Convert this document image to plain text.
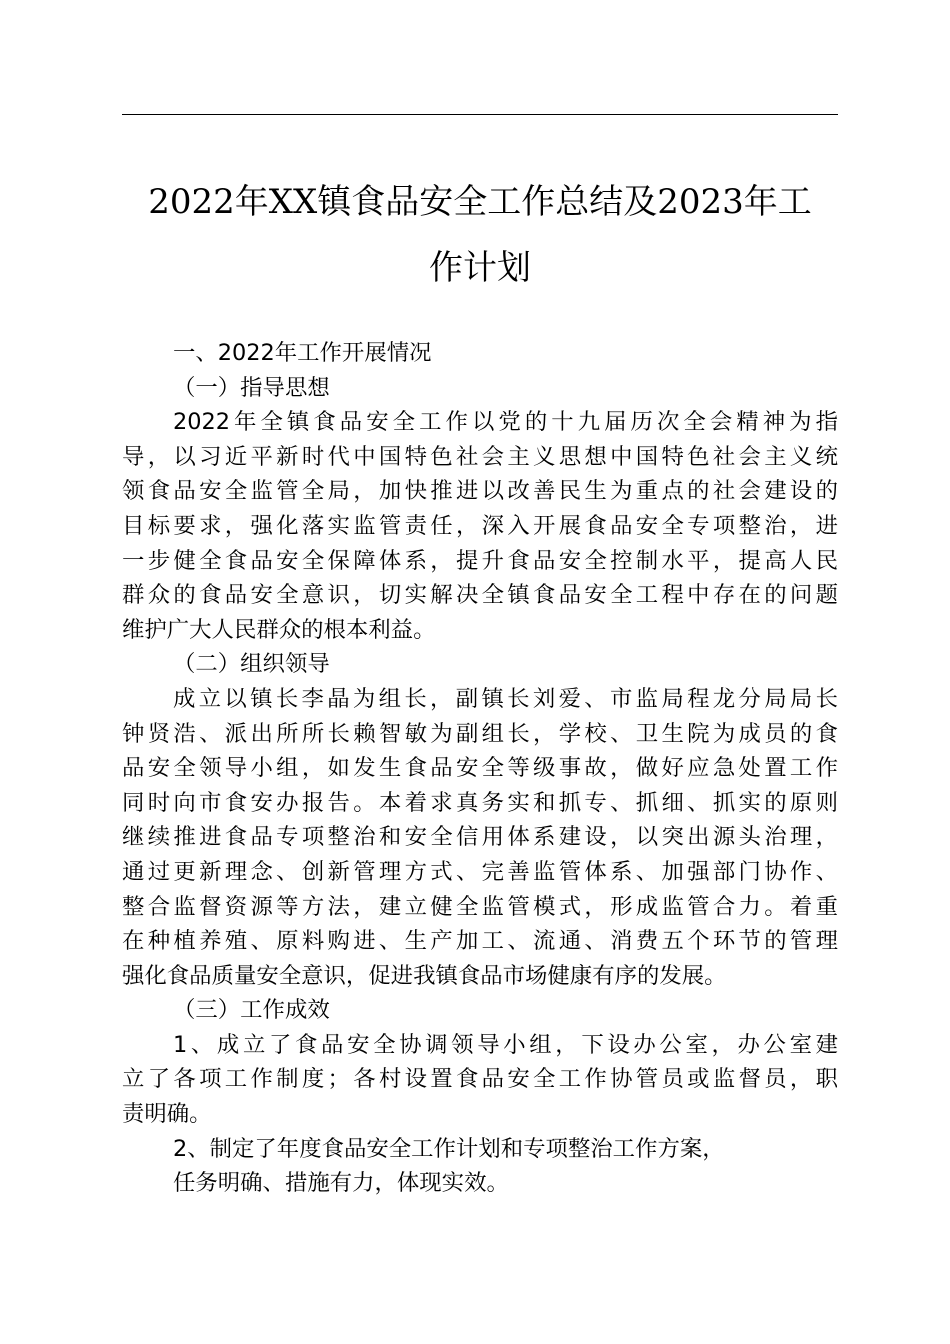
2022年XX镇食品安全工作总结及2023年工
作计划
一、2022年工作开展情况
（一）指导思想
2022年全镇食品安全工作以党的十九届历次全会精神为指
导，以习近平新时代中国特色社会主义思想中国特色社会主义统
领食品安全监管全局，加快推进以改善民生为重点的社会建设的
目标要求，强化落实监管责任，深入开展食品安全专项整治，进
一步健全食品安全保障体系，提升食品安全控制水平，提高人民
群众的食品安全意识，切实解决全镇食品安全工程中存在的问题
维护广大人民群众的根本利益。
（二）组织领导
成立以镇长李晶为组长，副镇长刘爱、市监局程龙分局局长
钟贤浩、派出所所长赖智敏为副组长，学校、卫生院为成员的食
品安全领导小组，如发生食品安全等级事故，做好应急处置工作
同时向市食安办报告。本着求真务实和抓专、抓细、抓实的原则
继续推进食品专项整治和安全信用体系建设，以突出源头治理，
通过更新理念、创新管理方式、完善监管体系、加强部门协作、
整合监督资源等方法，建立健全监管模式，形成监管合力。着重
在种植养殖、原料购进、生产加工、流通、消费五个环节的管理
强化食品质量安全意识，促进我镇食品市场健康有序的发展。
（三）工作成效
1、成立了食品安全协调领导小组，下设办公室，办公室建
立了各项工作制度；各村设置食品安全工作协管员或监督员，职
责明确。
2、制定了年度食品安全工作计划和专项整治工作方案，
任务明确、措施有力，体现实效。
